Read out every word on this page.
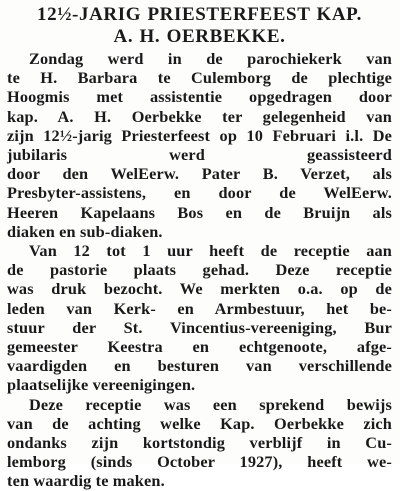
12½-JARIG PRIESTERFEEST KAP.
A. H. OERBEKKE.

Zondag werd in de parochiekerk van
te H. Barbara te Culemborg de plechtige
Hoogmis met assistentie opgedragen door
kap. A. H. Oerbekke ter gelegenheid van
zijn 12½-jarig Priesterfeest op 10 Februari i.l. De jubilaris werd geassisteerd
door den WelEerw. Pater B. Verzet, als
Presbyter-assistens, en door de WelEerw.
Heeren Kapelaans Bos en de Bruijn als
diaken en sub-diaken.

Van 12 tot 1 uur heeft de receptie aan
de pastorie plaats gehad. Deze receptie
was druk bezocht. We merkten o.a. op de
leden van Kerk- en Armbestuur, het be-
stuur der St. Vincentius-vereeniging, Bur
gemeester Keestra en echtgenoote, afge-
vaardigden en besturen van verschillende
plaatselijke vereenigingen.

Deze receptie was een sprekend bewijs
van de achting welke Kap. Oerbekke zich
ondanks zijn kortstondig verblijf in Cu-
lemborg (sinds October 1927), heeft we-
ten waardig te maken.
